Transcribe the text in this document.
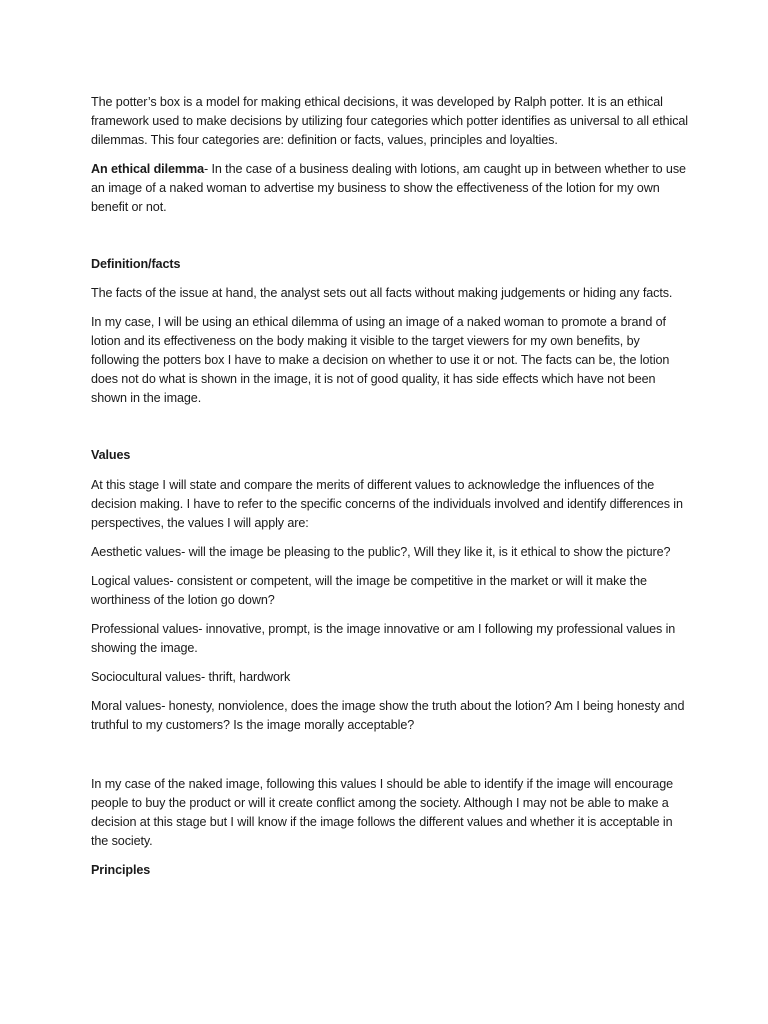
The potter’s box is a model for making ethical decisions, it was developed by Ralph potter. It is an ethical framework used to make decisions by utilizing four categories which potter identifies as universal to all ethical dilemmas. This four categories are: definition or facts, values, principles and loyalties.

An ethical dilemma- In the case of a business dealing with lotions, am caught up in between whether to use an image of a naked woman to advertise my business to show the effectiveness of the lotion for my own benefit or not.

Definition/facts

The facts of the issue at hand, the analyst sets out all facts without making judgements or hiding any facts.

In my case, I will be using an ethical dilemma of using an image of a naked woman to promote a brand of lotion and its effectiveness on the body making it visible to the target viewers for my own benefits, by following the potters box I have to make a decision on whether to use it or not. The facts can be, the lotion does not do what is shown in the image, it is not of good quality, it has side effects which have not been shown in the image.

Values

At this stage I will state and compare the merits of different values to acknowledge the influences of the decision making. I have to refer to the specific concerns of the individuals involved and identify differences in perspectives, the values I will apply are:

Aesthetic values- will the image be pleasing to the public?, Will they like it, is it ethical to show the picture?

Logical values- consistent or competent, will the image be competitive in the market or will it make the worthiness of the lotion go down?

Professional values- innovative, prompt, is the image innovative or am I following my professional values in showing the image.

Sociocultural values- thrift, hardwork

Moral values- honesty, nonviolence, does the image show the truth about the lotion? Am I being honesty and truthful to my customers? Is the image morally acceptable?

In my case of the naked image, following this values I should be able to identify if the image will encourage people to buy the product or will it create conflict among the society. Although I may not be able to make a decision at this stage but I will know if the image follows the different values and whether it is acceptable in the society.

Principles
